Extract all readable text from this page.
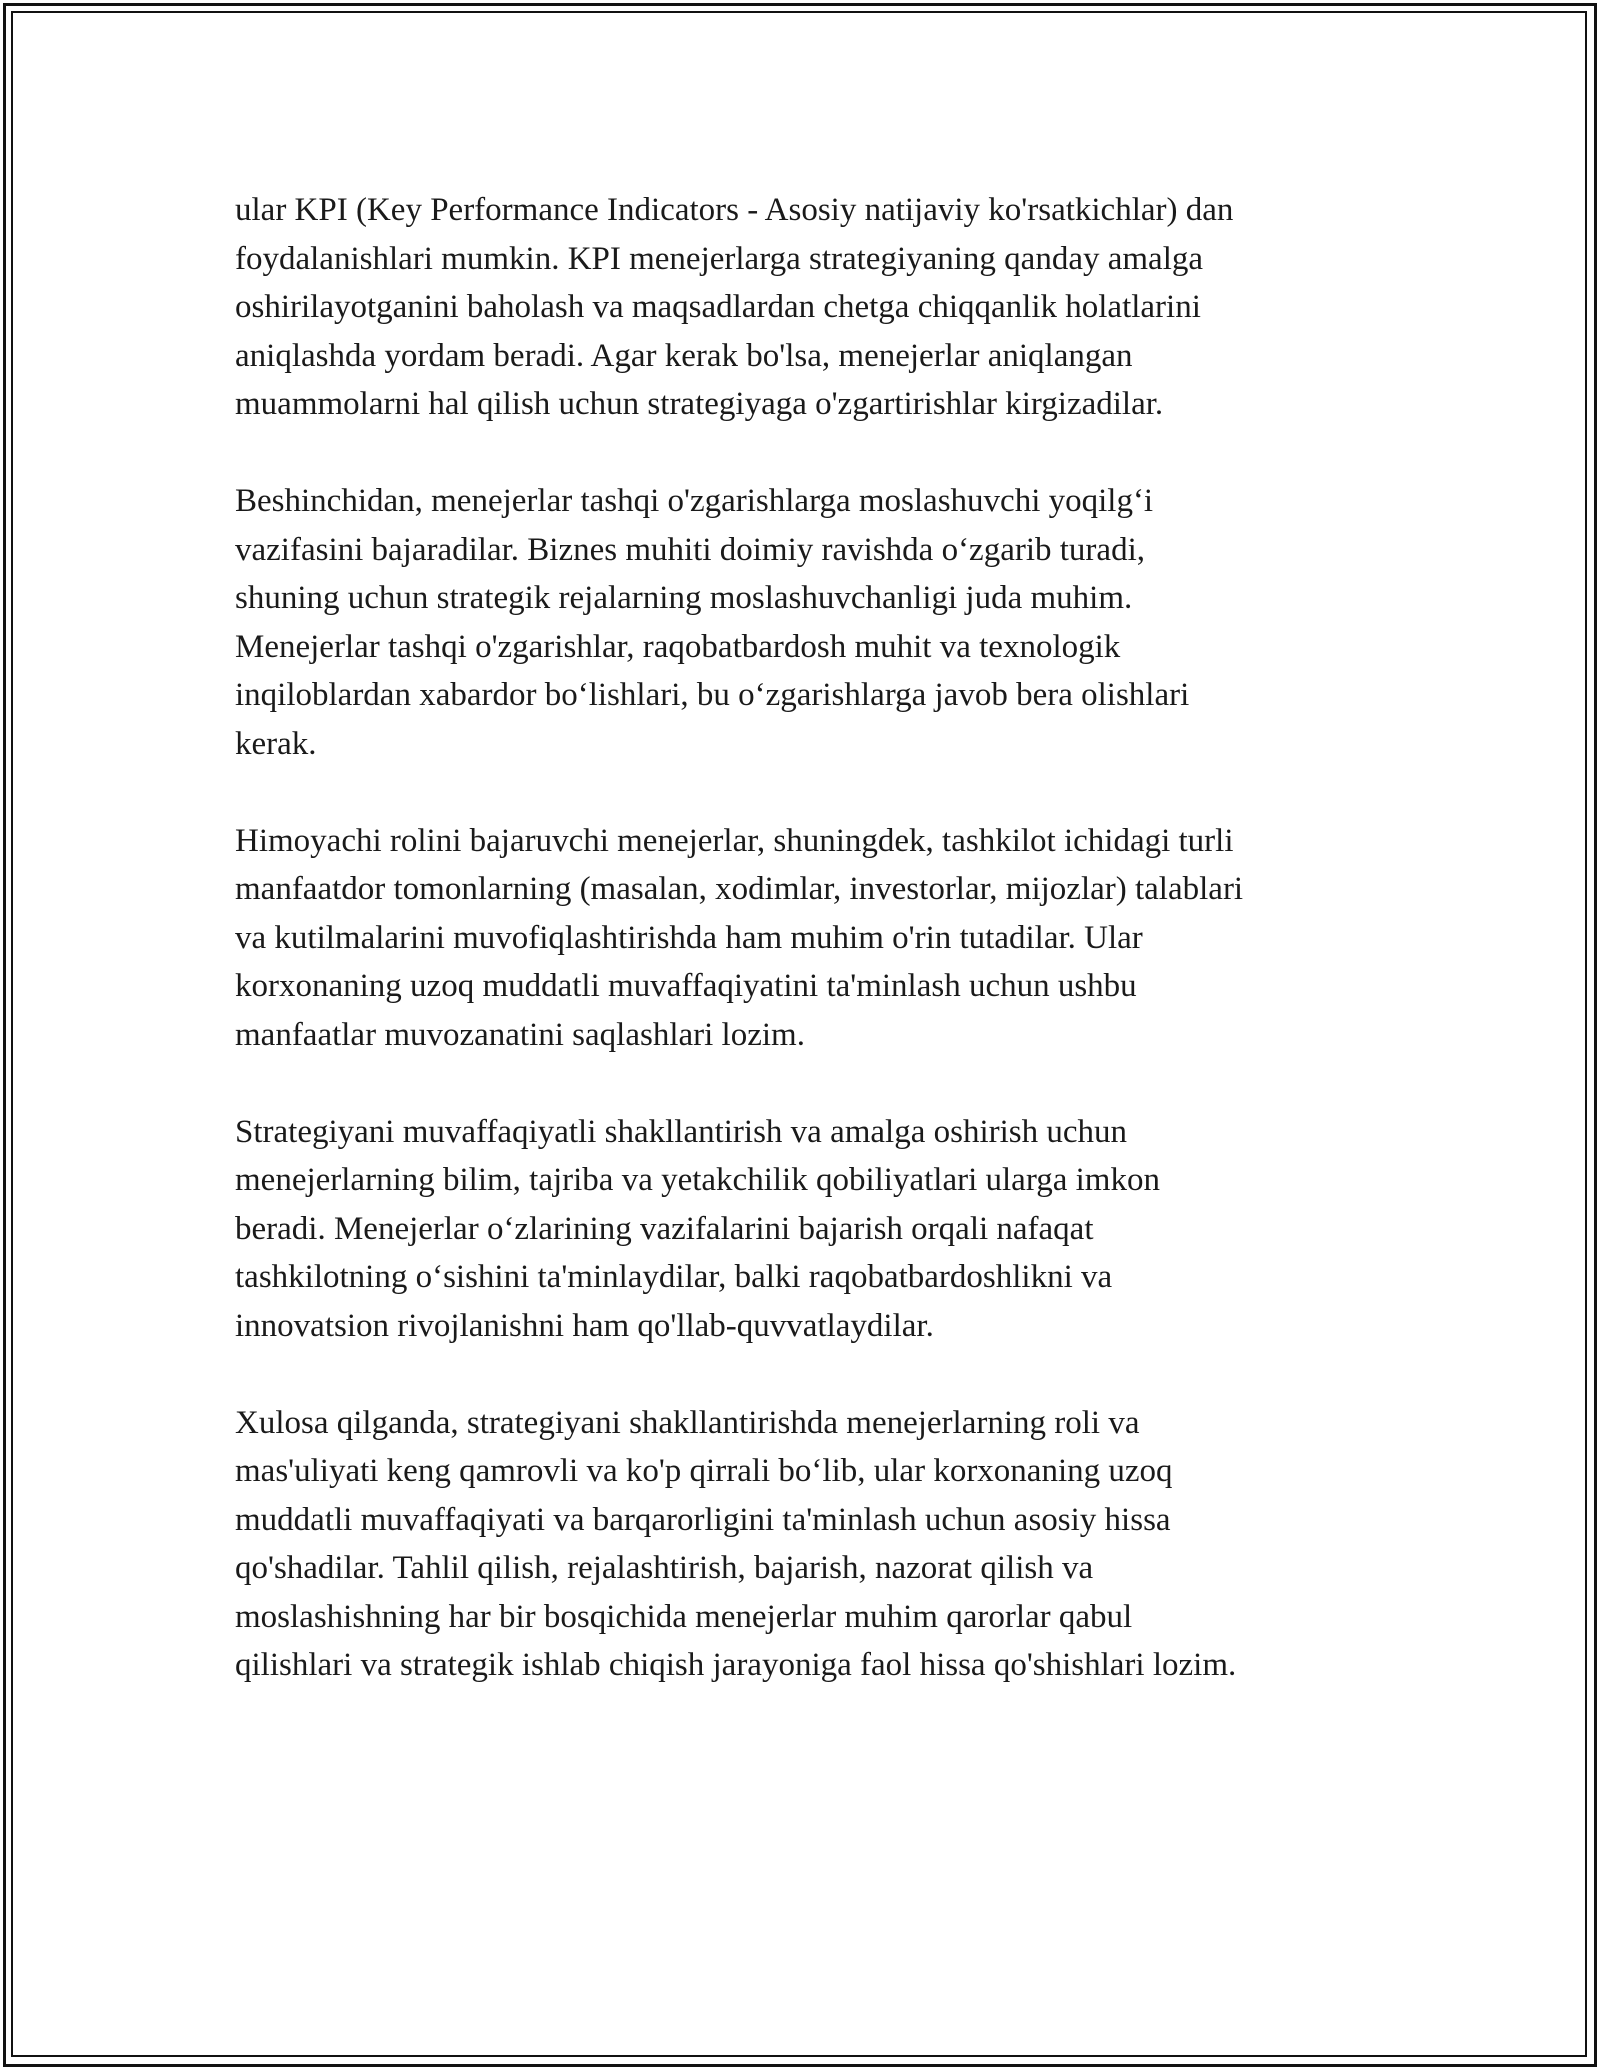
ular KPI (Key Performance Indicators - Asosiy natijaviy ko'rsatkichlar) dan
foydalanishlari mumkin. KPI menejerlarga strategiyaning qanday amalga
oshirilayotganini baholash va maqsadlardan chetga chiqqanlik holatlarini
aniqlashda yordam beradi. Agar kerak bo'lsa, menejerlar aniqlangan
muammolarni hal qilish uchun strategiyaga o'zgartirishlar kirgizadilar.

Beshinchidan, menejerlar tashqi o'zgarishlarga moslashuvchi yoqilg‘i
vazifasini bajaradilar. Biznes muhiti doimiy ravishda o‘zgarib turadi,
shuning uchun strategik rejalarning moslashuvchanligi juda muhim.
Menejerlar tashqi o'zgarishlar, raqobatbardosh muhit va texnologik
inqiloblardan xabardor bo‘lishlari, bu o‘zgarishlarga javob bera olishlari
kerak.

Himoyachi rolini bajaruvchi menejerlar, shuningdek, tashkilot ichidagi turli
manfaatdor tomonlarning (masalan, xodimlar, investorlar, mijozlar) talablari
va kutilmalarini muvofiqlashtirishda ham muhim o'rin tutadilar. Ular
korxonaning uzoq muddatli muvaffaqiyatini ta'minlash uchun ushbu
manfaatlar muvozanatini saqlashlari lozim.

Strategiyani muvaffaqiyatli shakllantirish va amalga oshirish uchun
menejerlarning bilim, tajriba va yetakchilik qobiliyatlari ularga imkon
beradi. Menejerlar o‘zlarining vazifalarini bajarish orqali nafaqat
tashkilotning o‘sishini ta'minlaydilar, balki raqobatbardoshlikni va
innovatsion rivojlanishni ham qo'llab-quvvatlaydilar.

Xulosa qilganda, strategiyani shakllantirishda menejerlarning roli va
mas'uliyati keng qamrovli va ko'p qirrali bo‘lib, ular korxonaning uzoq
muddatli muvaffaqiyati va barqarorligini ta'minlash uchun asosiy hissa
qo'shadilar. Tahlil qilish, rejalashtirish, bajarish, nazorat qilish va
moslashishning har bir bosqichida menejerlar muhim qarorlar qabul
qilishlari va strategik ishlab chiqish jarayoniga faol hissa qo'shishlari lozim.
